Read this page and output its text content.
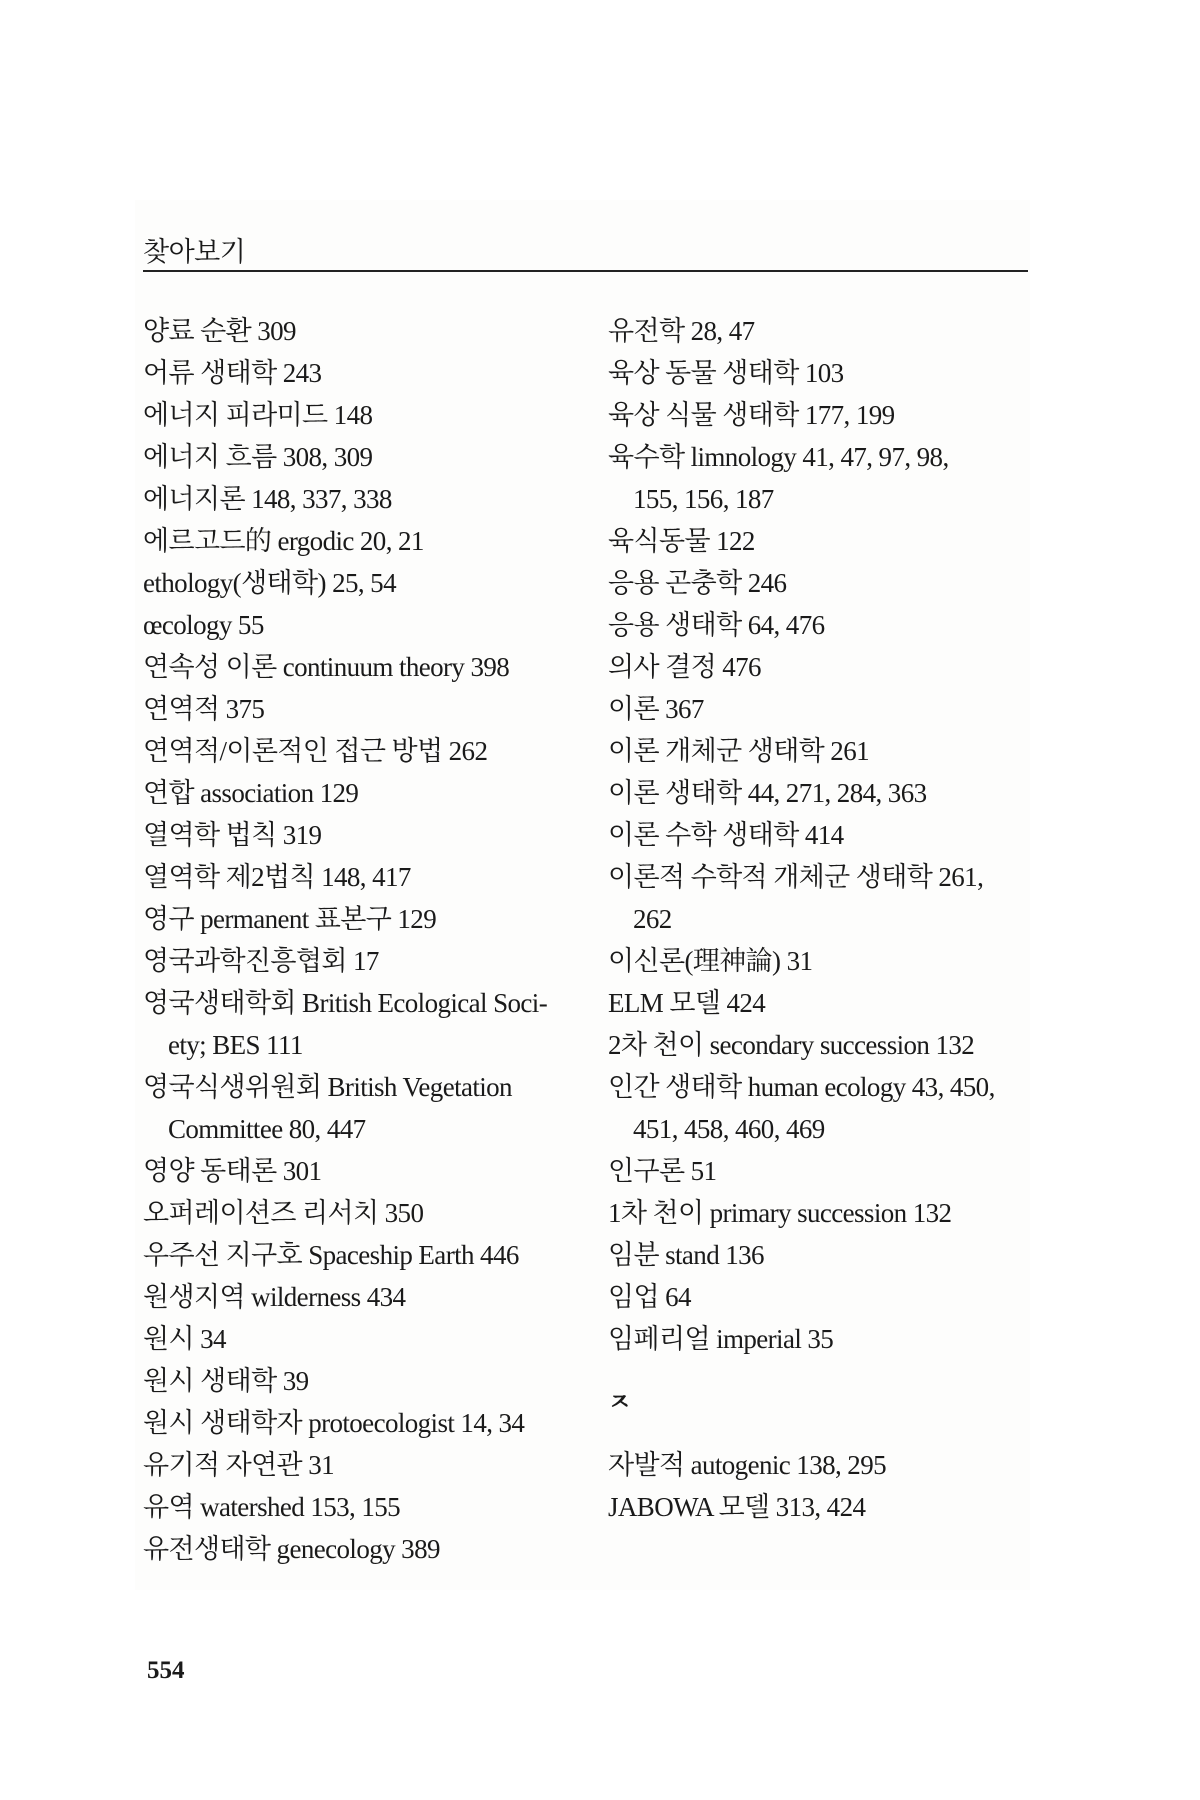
찾아보기
양료 순환 309
어류 생태학 243
에너지 피라미드 148
에너지 흐름 308, 309
에너지론 148, 337, 338
에르고드的 ergodic 20, 21
ethology(생태학) 25, 54
œcology 55
연속성 이론 continuum theory 398
연역적 375
연역적/이론적인 접근 방법 262
연합 association 129
열역학 법칙 319
열역학 제2법칙 148, 417
영구 permanent 표본구 129
영국과학진흥협회 17
영국생태학회 British Ecological Soci-
ety; BES 111
영국식생위원회 British Vegetation
Committee 80, 447
영양 동태론 301
오퍼레이션즈 리서치 350
우주선 지구호 Spaceship Earth 446
원생지역 wilderness 434
원시 34
원시 생태학 39
원시 생태학자 protoecologist 14, 34
유기적 자연관 31
유역 watershed 153, 155
유전생태학 genecology 389
유전학 28, 47
육상 동물 생태학 103
육상 식물 생태학 177, 199
육수학 limnology 41, 47, 97, 98,
155, 156, 187
육식동물 122
응용 곤충학 246
응용 생태학 64, 476
의사 결정 476
이론 367
이론 개체군 생태학 261
이론 생태학 44, 271, 284, 363
이론 수학 생태학 414
이론적 수학적 개체군 생태학 261,
262
이신론(理神論) 31
ELM 모델 424
2차 천이 secondary succession 132
인간 생태학 human ecology 43, 450,
451, 458, 460, 469
인구론 51
1차 천이 primary succession 132
임분 stand 136
임업 64
임페리얼 imperial 35
ㅈ
자발적 autogenic 138, 295
JABOWA 모델 313, 424
554
